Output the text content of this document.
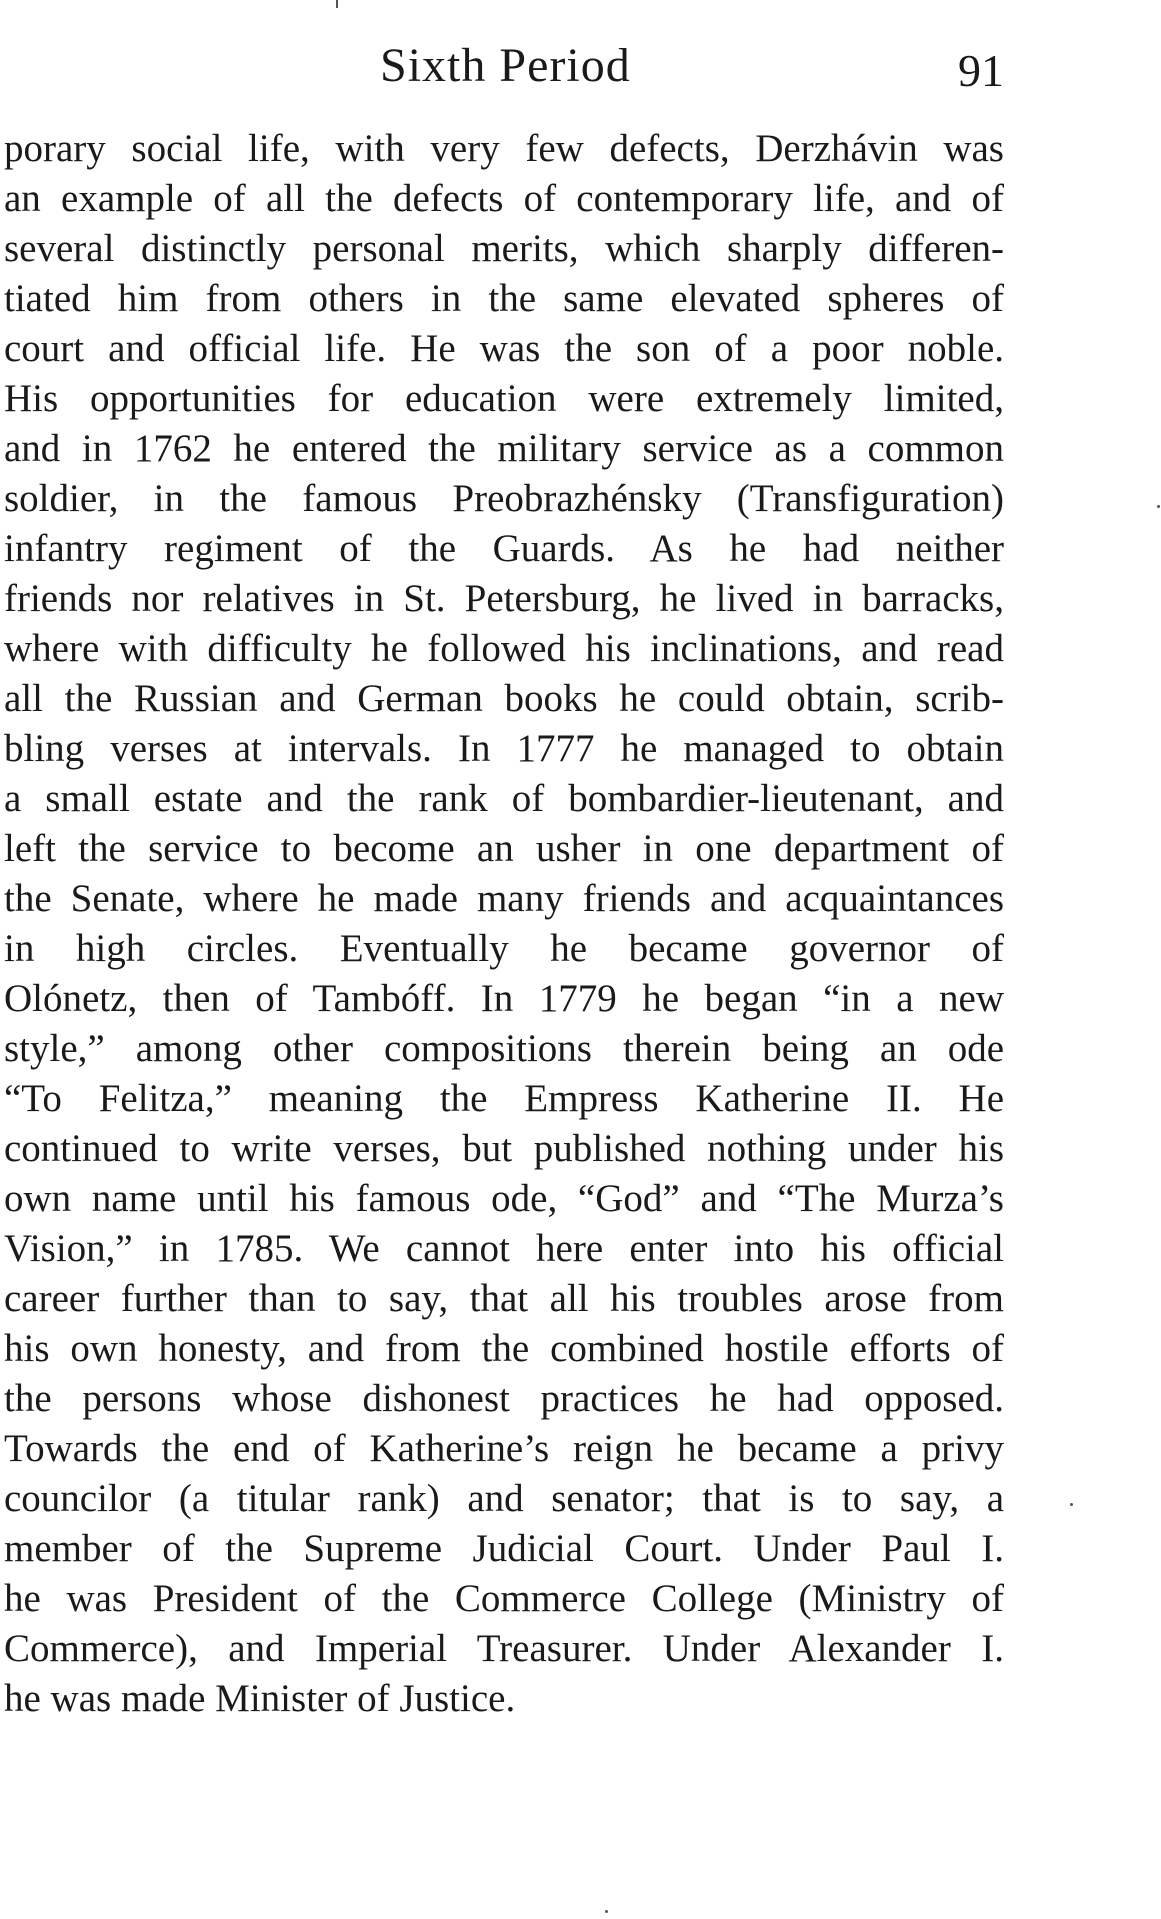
Sixth Period	91
porary social life, with very few defects, Derzhávin was
an example of all the defects of contemporary life, and of
several distinctly personal merits, which sharply differen-
tiated him from others in the same elevated spheres of
court and official life. He was the son of a poor noble.
His opportunities for education were extremely limited,
and in 1762 he entered the military service as a common
soldier, in the famous Preobrazhénsky (Transfiguration)
infantry regiment of the Guards. As he had neither
friends nor relatives in St. Petersburg, he lived in barracks,
where with difficulty he followed his inclinations, and read
all the Russian and German books he could obtain, scrib-
bling verses at intervals. In 1777 he managed to obtain
a small estate and the rank of bombardier-lieutenant, and
left the service to become an usher in one department of
the Senate, where he made many friends and acquaintances
in high circles. Eventually he became governor of
Olónetz, then of Tambóff. In 1779 he began “in a new
style,” among other compositions therein being an ode
“To Felitza,” meaning the Empress Katherine II. He
continued to write verses, but published nothing under his
own name until his famous ode, “God” and “The Murza’s
Vision,” in 1785. We cannot here enter into his official
career further than to say, that all his troubles arose from
his own honesty, and from the combined hostile efforts of
the persons whose dishonest practices he had opposed.
Towards the end of Katherine’s reign he became a privy
councilor (a titular rank) and senator; that is to say, a
member of the Supreme Judicial Court. Under Paul I.
he was President of the Commerce College (Ministry of
Commerce), and Imperial Treasurer. Under Alexander I.
he was made Minister of Justice.
